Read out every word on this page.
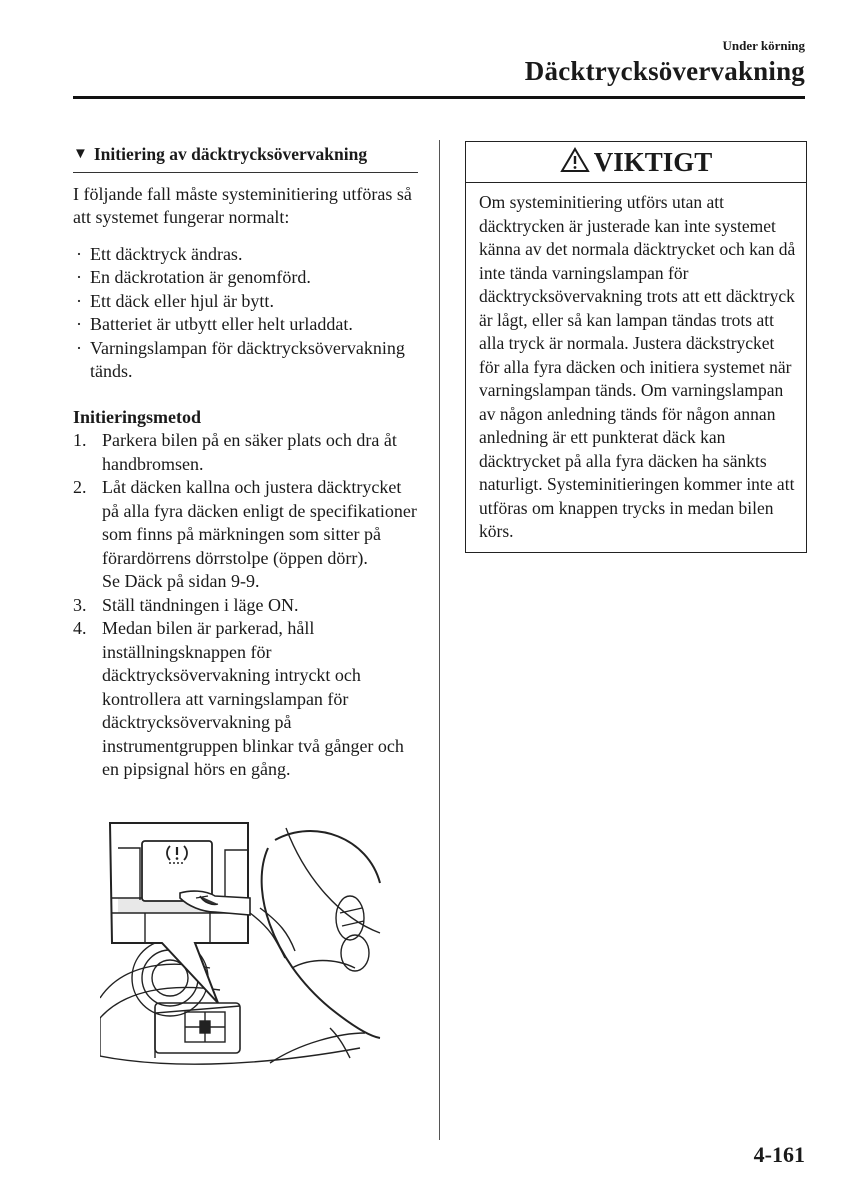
Under körning
Däcktrycksövervakning
▼ Initiering av däcktrycksövervakning

I följande fall måste systeminitiering utföras så att systemet fungerar normalt:

· Ett däcktryck ändras.
· En däckrotation är genomförd.
· Ett däck eller hjul är bytt.
· Batteriet är utbytt eller helt urladdat.
· Varningslampan för däcktrycksövervakning tänds.
Initieringsmetod
1. Parkera bilen på en säker plats och dra åt handbromsen.
2. Låt däcken kallna och justera däcktrycket på alla fyra däcken enligt de specifikationer som finns på märkningen som sitter på förardörrens dörrstolpe (öppen dörr).
Se Däck på sidan 9-9.
3. Ställ tändningen i läge ON.
4. Medan bilen är parkerad, håll inställningsknappen för däcktrycksövervakning intryckt och kontrollera att varningslampan för däcktrycksövervakning på instrumentgruppen blinkar två gånger och en pipsignal hörs en gång.
VIKTIGT
Om systeminitiering utförs utan att däcktrycken är justerade kan inte systemet känna av det normala däcktrycket och kan då inte tända varningslampan för däcktrycksövervakning trots att ett däcktryck är lågt, eller så kan lampan tändas trots att alla tryck är normala. Justera däckstrycket för alla fyra däcken och initiera systemet när varningslampan tänds. Om varningslampan av någon anledning tänds för någon annan anledning är ett punkterat däck kan däcktrycket på alla fyra däcken ha sänkts naturligt. Systeminitieringen kommer inte att utföras om knappen trycks in medan bilen körs.
4-161
